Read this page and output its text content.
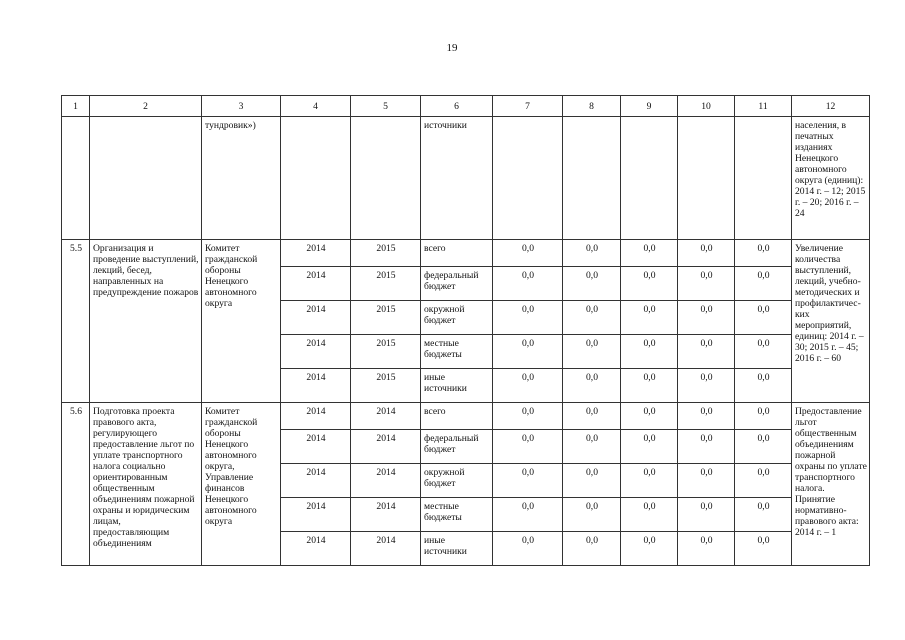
19
1	2	3	4	5	6	7	8	9	10	11	12
		тундровик»)			источники						населения, в печатных изданиях Ненецкого автономного округа (единиц): 2014 г. – 12; 2015 г. – 20; 2016 г. – 24
5.5	Организация и проведение выступлений, лекций, бесед, направленных на предупреждение пожаров	Комитет гражданской обороны Ненецкого автономного округа	2014	2015	всего	0,0	0,0	0,0	0,0	0,0	Увеличение количества выступлений, лекций, учебно-методических и профилактичес-ких мероприятий, единиц: 2014 г. – 30; 2015 г. – 45; 2016 г. – 60
			2014	2015	федеральный бюджет	0,0	0,0	0,0	0,0	0,0	
			2014	2015	окружной бюджет	0,0	0,0	0,0	0,0	0,0	
			2014	2015	местные бюджеты	0,0	0,0	0,0	0,0	0,0	
			2014	2015	иные источники	0,0	0,0	0,0	0,0	0,0	
5.6	Подготовка проекта правового акта, регулирующего предоставление льгот по уплате транспортного налога социально ориентированным общественным объединениям пожарной охраны и юридическим лицам, предоставляющим объединениям	Комитет гражданской обороны Ненецкого автономного округа, Управление финансов Ненецкого автономного округа	2014	2014	всего	0,0	0,0	0,0	0,0	0,0	Предоставление льгот общественным объединениям пожарной охраны по уплате транспортного налога. Принятие нормативно-правового акта: 2014 г. – 1
			2014	2014	федеральный бюджет	0,0	0,0	0,0	0,0	0,0	
			2014	2014	окружной бюджет	0,0	0,0	0,0	0,0	0,0	
			2014	2014	местные бюджеты	0,0	0,0	0,0	0,0	0,0	
			2014	2014	иные источники	0,0	0,0	0,0	0,0	0,0	
